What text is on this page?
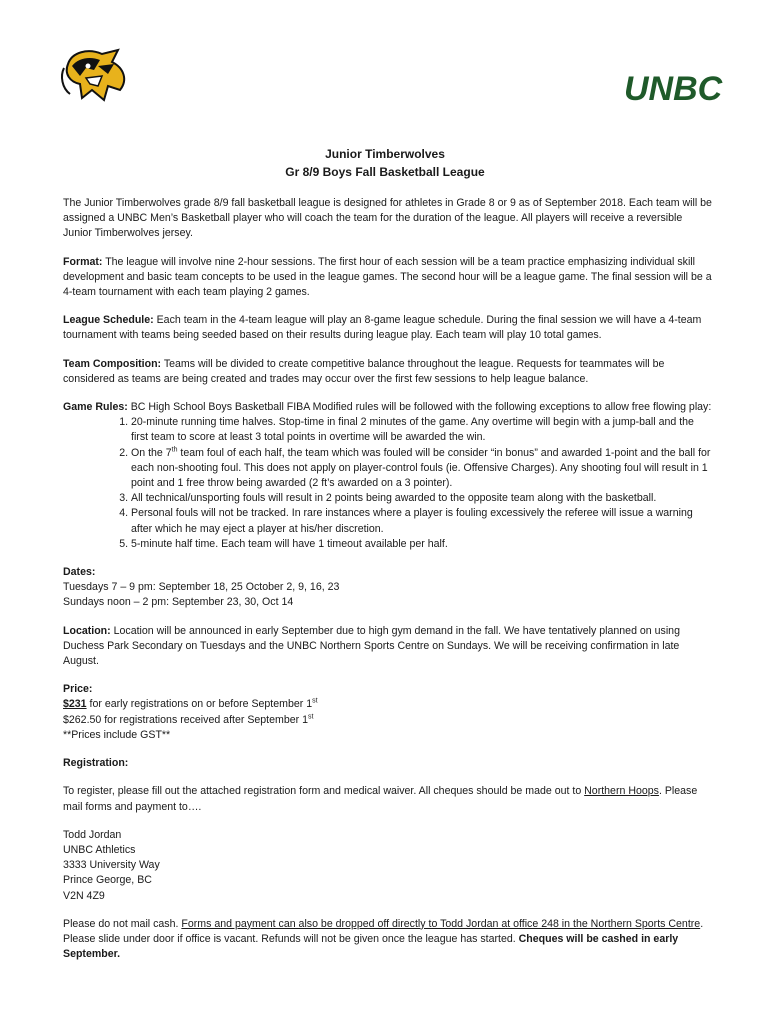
UNBC
Junior Timberwolves
Gr 8/9 Boys Fall Basketball League

The Junior Timberwolves grade 8/9 fall basketball league is designed for athletes in Grade 8 or 9 as of September 2018. Each team will be assigned a UNBC Men’s Basketball player who will coach the team for the duration of the league. All players will receive a reversible Junior Timberwolves jersey.

Format: The league will involve nine 2-hour sessions. The first hour of each session will be a team practice emphasizing individual skill development and basic team concepts to be used in the league games. The second hour will be a league game. The final session will be a 4-team tournament with each team playing 2 games.

League Schedule: Each team in the 4-team league will play an 8-game league schedule. During the final session we will have a 4-team tournament with teams being seeded based on their results during league play. Each team will play 10 total games.

Team Composition: Teams will be divided to create competitive balance throughout the league. Requests for teammates will be considered as teams are being created and trades may occur over the first few sessions to help league balance.

Game Rules: BC High School Boys Basketball FIBA Modified rules will be followed with the following exceptions to allow free flowing play:

1. 20-minute running time halves. Stop-time in final 2 minutes of the game. Any overtime will begin with a jump-ball and the first team to score at least 3 total points in overtime will be awarded the win.
2. On the 7th team foul of each half, the team which was fouled will be consider “in bonus” and awarded 1-point and the ball for each non-shooting foul. This does not apply on player-control fouls (ie. Offensive Charges). Any shooting foul will result in 1 point and 1 free throw being awarded (2 ft’s awarded on a 3 pointer).
3. All technical/unsporting fouls will result in 2 points being awarded to the opposite team along with the basketball.
4. Personal fouls will not be tracked. In rare instances where a player is fouling excessively the referee will issue a warning after which he may eject a player at his/her discretion.
5. 5-minute half time. Each team will have 1 timeout available per half.

Dates:
Tuesdays 7 – 9 pm: September 18, 25 October 2, 9, 16, 23
Sundays noon – 2 pm: September 23, 30, Oct 14

Location: Location will be announced in early September due to high gym demand in the fall. We have tentatively planned on using Duchess Park Secondary on Tuesdays and the UNBC Northern Sports Centre on Sundays. We will be receiving confirmation in late August.

Price:
$231 for early registrations on or before September 1st
$262.50 for registrations received after September 1st
**Prices include GST**

Registration:

To register, please fill out the attached registration form and medical waiver. All cheques should be made out to Northern Hoops. Please mail forms and payment to….

Todd Jordan
UNBC Athletics
3333 University Way
Prince George, BC
V2N 4Z9

Please do not mail cash. Forms and payment can also be dropped off directly to Todd Jordan at office 248 in the Northern Sports Centre. Please slide under door if office is vacant. Refunds will not be given once the league has started. Cheques will be cashed in early September.
